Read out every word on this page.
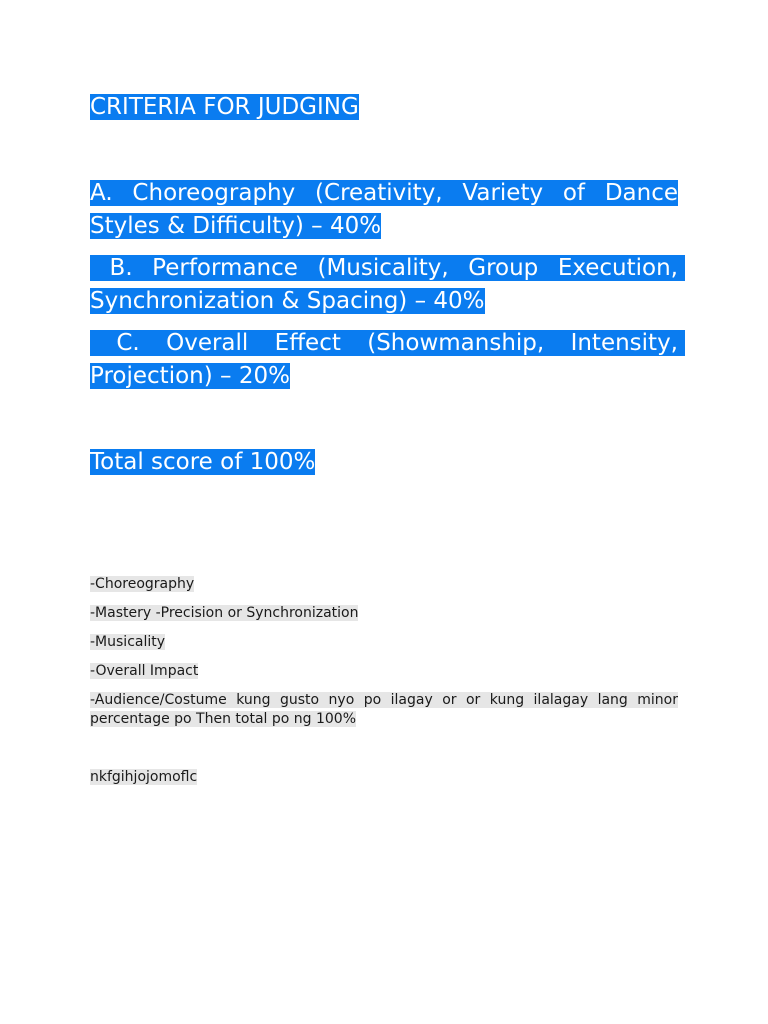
CRITERIA FOR JUDGING
A. Choreography (Creativity, Variety of Dance Styles & Difficulty) – 40%
B. Performance (Musicality, Group Execution, Synchronization & Spacing) – 40%
C. Overall Effect (Showmanship, Intensity, Projection) – 20%
Total score of 100%
-Choreography
-Mastery -Precision or Synchronization
-Musicality
-Overall Impact
-Audience/Costume kung gusto nyo po ilagay or or kung ilalagay lang minor percentage po Then total po ng 100%
nkfgihjojomoflc
